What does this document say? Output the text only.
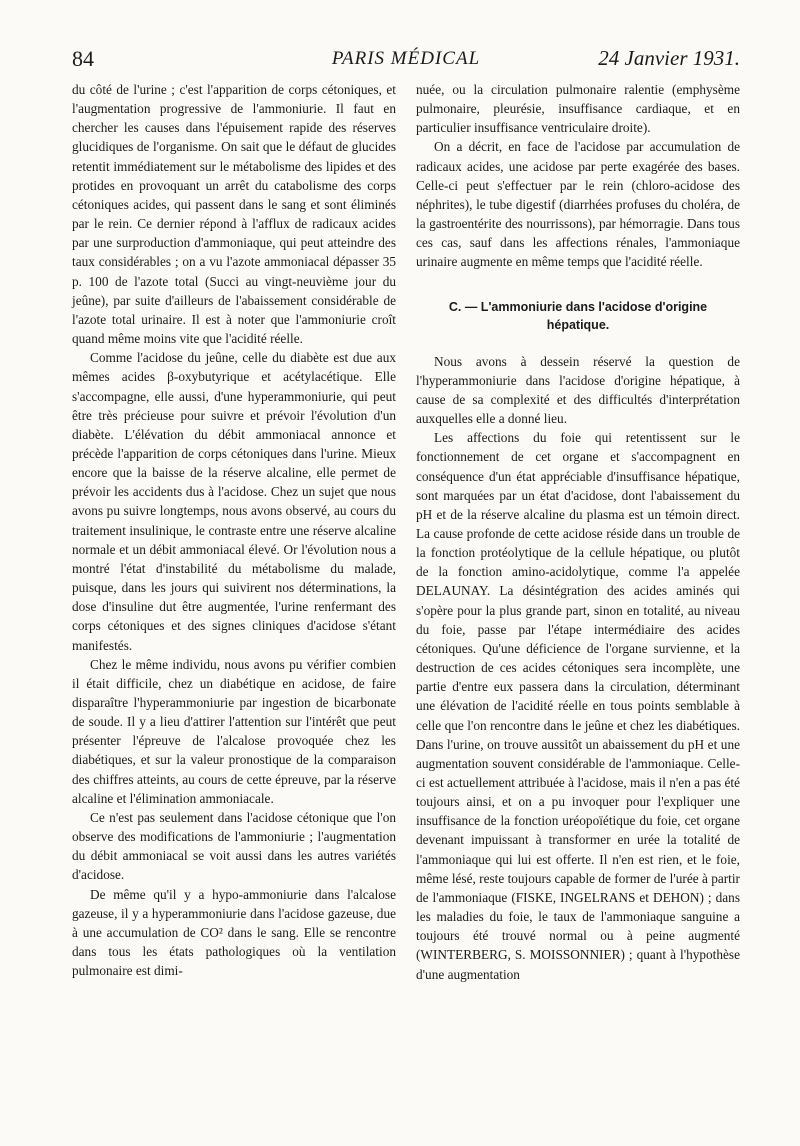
84	PARIS MÉDICAL	24 Janvier 1931.

du côté de l'urine ; c'est l'apparition de corps cétoniques, et l'augmentation progressive de l'ammoniurie. Il faut en chercher les causes dans l'épuisement rapide des réserves glucidiques de l'organisme. On sait que le défaut de glucides retentit immédiatement sur le métabolisme des lipides et des protides en provoquant un arrêt du catabolisme des corps cétoniques acides, qui passent dans le sang et sont éliminés par le rein. Ce dernier répond à l'afflux de radicaux acides par une surproduction d'ammoniaque, qui peut atteindre des taux considérables ; on a vu l'azote ammoniacal dépasser 35 p. 100 de l'azote total (Succi au vingt-neuvième jour du jeûne), par suite d'ailleurs de l'abaissement considérable de l'azote total urinaire. Il est à noter que l'ammoniurie croît quand même moins vite que l'acidité réelle.

Comme l'acidose du jeûne, celle du diabète est due aux mêmes acides β-oxybutyrique et acétylacétique. Elle s'accompagne, elle aussi, d'une hyperammoniurie, qui peut être très précieuse pour suivre et prévoir l'évolution d'un diabète. L'élévation du débit ammoniacal annonce et précède l'apparition de corps cétoniques dans l'urine. Mieux encore que la baisse de la réserve alcaline, elle permet de prévoir les accidents dus à l'acidose. Chez un sujet que nous avons pu suivre longtemps, nous avons observé, au cours du traitement insulinique, le contraste entre une réserve alcaline normale et un débit ammoniacal élevé. Or l'évolution nous a montré l'état d'instabilité du métabolisme du malade, puisque, dans les jours qui suivirent nos déterminations, la dose d'insuline dut être augmentée, l'urine renfermant des corps cétoniques et des signes cliniques d'acidose s'étant manifestés.

Chez le même individu, nous avons pu vérifier combien il était difficile, chez un diabétique en acidose, de faire disparaître l'hyperammoniurie par ingestion de bicarbonate de soude. Il y a lieu d'attirer l'attention sur l'intérêt que peut présenter l'épreuve de l'alcalose provoquée chez les diabétiques, et sur la valeur pronostique de la comparaison des chiffres atteints, au cours de cette épreuve, par la réserve alcaline et l'élimination ammoniacale.

Ce n'est pas seulement dans l'acidose cétonique que l'on observe des modifications de l'ammoniurie ; l'augmentation du débit ammoniacal se voit aussi dans les autres variétés d'acidose.

De même qu'il y a hypo-ammoniurie dans l'alcalose gazeuse, il y a hyperammoniurie dans l'acidose gazeuse, due à une accumulation de CO² dans le sang. Elle se rencontre dans tous les états pathologiques où la ventilation pulmonaire est dimi-

nuée, ou la circulation pulmonaire ralentie (emphysème pulmonaire, pleurésie, insuffisance cardiaque, et en particulier insuffisance ventriculaire droite).

On a décrit, en face de l'acidose par accumulation de radicaux acides, une acidose par perte exagérée des bases. Celle-ci peut s'effectuer par le rein (chloro-acidose des néphrites), le tube digestif (diarrhées profuses du choléra, de la gastroentérite des nourrissons), par hémorragie. Dans tous ces cas, sauf dans les affections rénales, l'ammoniaque urinaire augmente en même temps que l'acidité réelle.

C. — L'ammoniurie dans l'acidose d'origine hépatique.

Nous avons à dessein réservé la question de l'hyperammoniurie dans l'acidose d'origine hépatique, à cause de sa complexité et des difficultés d'interprétation auxquelles elle a donné lieu.

Les affections du foie qui retentissent sur le fonctionnement de cet organe et s'accompagnent en conséquence d'un état appréciable d'insuffisance hépatique, sont marquées par un état d'acidose, dont l'abaissement du pH et de la réserve alcaline du plasma est un témoin direct. La cause profonde de cette acidose réside dans un trouble de la fonction protéolytique de la cellule hépatique, ou plutôt de la fonction amino-acidolytique, comme l'a appelée DELAUNAY. La désintégration des acides aminés qui s'opère pour la plus grande part, sinon en totalité, au niveau du foie, passe par l'étape intermédiaire des acides cétoniques. Qu'une déficience de l'organe survienne, et la destruction de ces acides cétoniques sera incomplète, une partie d'entre eux passera dans la circulation, déterminant une élévation de l'acidité réelle en tous points semblable à celle que l'on rencontre dans le jeûne et chez les diabétiques. Dans l'urine, on trouve aussitôt un abaissement du pH et une augmentation souvent considérable de l'ammoniaque. Celle-ci est actuellement attribuée à l'acidose, mais il n'en a pas été toujours ainsi, et on a pu invoquer pour l'expliquer une insuffisance de la fonction uréopoïétique du foie, cet organe devenant impuissant à transformer en urée la totalité de l'ammoniaque qui lui est offerte. Il n'en est rien, et le foie, même lésé, reste toujours capable de former de l'urée à partir de l'ammoniaque (FISKE, INGELRANS et DEHON) ; dans les maladies du foie, le taux de l'ammoniaque sanguine a toujours été trouvé normal ou à peine augmenté (WINTERBERG, S. MOISSONNIER) ; quant à l'hypothèse d'une augmentation
